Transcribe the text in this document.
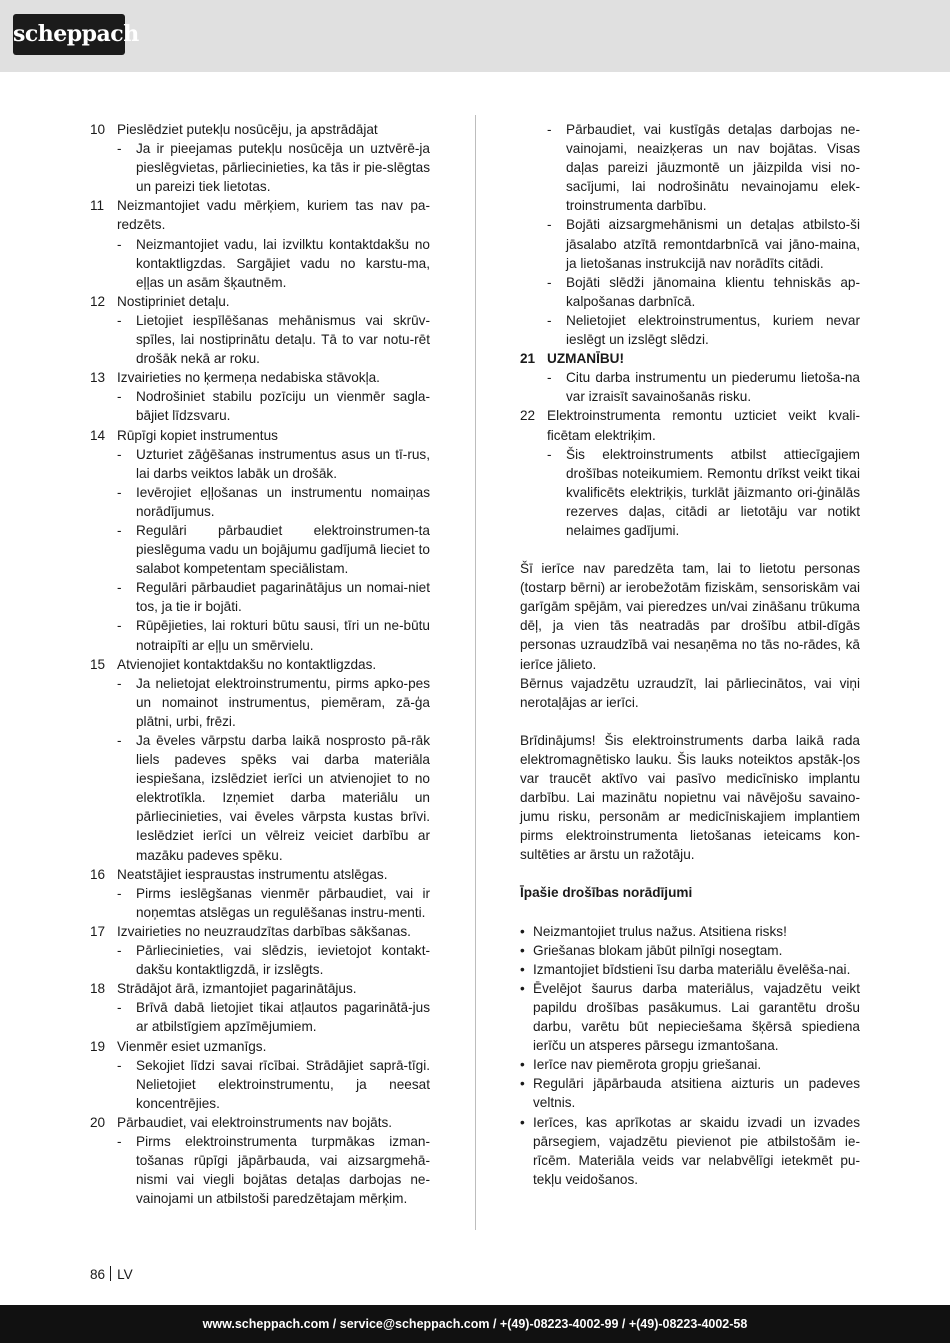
scheppach
10 Pieslēdziet putekļu nosūcēju, ja apstrādājat
-	Ja ir pieejamas putekļu nosūcēja un uztvērē-ja pieslēgvietas, pārliecinieties, ka tās ir pie-slēgtas un pareizi tiek lietotas.
11 Neizmantojiet vadu mērķiem, kuriem tas nav pa-redzēts.
-	Neizmantojiet vadu, lai izvilktu kontaktdakšu no kontaktligzdas. Sargājiet vadu no karstu-ma, eļļas un asām šķautnēm.
12 Nostipriniet detaļu.
-	Lietojiet iespīlēšanas mehānismus vai skrūv-spīles, lai nostiprinātu detaļu. Tā to var notu-rēt drošāk nekā ar roku.
13 Izvairieties no ķermeņa nedabiska stāvokļa.
-	Nodrošiniet stabilu pozīciju un vienmēr sagla-bājiet līdzsvaru.
14 Rūpīgi kopiet instrumentus
-	Uzturiet zāģēšanas instrumentus asus un tī-rus, lai darbs veiktos labāk un drošāk.
-	Ievērojiet eļļošanas un instrumentu nomaiņas norādījumus.
-	Regulāri pārbaudiet elektroinstrumen-ta pieslēguma vadu un bojājumu gadījumā lieciet to salabot kompetentam speciālistam.
-	Regulāri pārbaudiet pagarinātājus un nomai-niet tos, ja tie ir bojāti.
-	Rūpējieties, lai rokturi būtu sausi, tīri un ne-būtu notraipīti ar eļļu un smērvielu.
15 Atvienojiet kontaktdakšu no kontaktligzdas.
-	Ja nelietojat elektroinstrumentu, pirms apko-pes un nomainot instrumentus, piemēram, zā-ģa plātni, urbi, frēzi.
-	Ja ēveles vārpstu darba laikā nosprosto pā-rāk liels padeves spēks vai darba materiāla iespiešana, izslēdziet ierīci un atvienojiet to no elektrotīkla. Izņemiet darba materiālu un pārliecinieties, vai ēveles vārpsta kustas brīvi. Ieslēdziet ierīci un vēlreiz veiciet darbību ar mazāku padeves spēku.
16 Neatstājiet iespraustas instrumentu atslēgas.
-	Pirms ieslēgšanas vienmēr pārbaudiet, vai ir noņemtas atslēgas un regulēšanas instru-menti.
17 Izvairieties no neuzraudzītas darbības sākšanas.
-	Pārliecinieties, vai slēdzis, ievietojot kontakt-dakšu kontaktligzdā, ir izslēgts.
18 Strādājot ārā, izmantojiet pagarinātājus.
-	Brīvā dabā lietojiet tikai atļautos pagarinātā-jus ar atbilstīgiem apzīmējumiem.
19 Vienmēr esiet uzmanīgs.
-	Sekojiet līdzi savai rīcībai. Strādājiet saprā-tīgi. Nelietojiet elektroinstrumentu, ja neesat koncentrējies.
20 Pārbaudiet, vai elektroinstruments nav bojāts.
-	Pirms elektroinstrumenta turpmākas izman-tošanas rūpīgi jāpārbauda, vai aizsargmehā-nismi vai viegli bojātas detaļas darbojas ne-vainojami un atbilstoši paredzētajam mērķim.
-	Pārbaudiet, vai kustīgās detaļas darbojas ne-vainojami, neaizķeras un nav bojātas. Visas daļas pareizi jāuzmontē un jāizpilda visi no-sacījumi, lai nodrošinātu nevainojamu elek-troinstrumenta darbību.
-	Bojāti aizsargmehānismi un detaļas atbilsto-ši jāsalabo atzītā remontdarbnīcā vai jāno-maina, ja lietošanas instrukcijā nav norādīts citādi.
-	Bojāti slēdži jānomaina klientu tehniskās ap-kalpošanas darbnīcā.
-	Nelietojiet elektroinstrumentus, kuriem nevar ieslēgt un izslēgt slēdzi.
21 UZMANĪBU!
-	Citu darba instrumentu un piederumu lietoša-na var izraisīt savainošanās risku.
22 Elektroinstrumenta remontu uzticiet veikt kvali-ficētam elektriķim.
-	Šis elektroinstruments atbilst attiecīgajiem drošības noteikumiem. Remontu drīkst veikt tikai kvalificēts elektriķis, turklāt jāizmanto ori-ģinālās rezerves daļas, citādi ar lietotāju var notikt nelaimes gadījumi.
Šī ierīce nav paredzēta tam, lai to lietotu personas (tostarp bērni) ar ierobežotām fiziskām, sensoriskām vai garīgām spējām, vai pieredzes un/vai zināšanu trūkuma dēļ, ja vien tās neatradās par drošību atbil-dīgās personas uzraudzībā vai nesaņēma no tās no-rādes, kā ierīce jālieto.
Bērnus vajadzētu uzraudzīt, lai pārliecinātos, vai viņi nerotaļājas ar ierīci.
Brīdinājums! Šis elektroinstruments darba laikā rada elektromagnētisko lauku. Šis lauks noteiktos apstāk-ļos var traucēt aktīvo vai pasīvo medicīnisko implantu darbību. Lai mazinātu nopietnu vai nāvējošu savaino-jumu risku, personām ar medicīniskajiem implantiem pirms elektroinstrumenta lietošanas ieteicams kon-sultēties ar ārstu un ražotāju.
Īpašie drošības norādījumi
• Neizmantojiet trulus nažus. Atsitiena risks!
• Griešanas blokam jābūt pilnīgi nosegtam.
• Izmantojiet bīdstieni īsu darba materiālu ēvelēša-nai.
• Ēvelējot šaurus darba materiālus, vajadzētu veikt papildu drošības pasākumus. Lai garantētu drošu darbu, varētu būt nepieciešama šķērsā spiediena ierīču un atsperes pārsegu izmantošana.
• Ierīce nav piemērota gropju griešanai.
• Regulāri jāpārbauda atsitiena aizturis un padeves veltnis.
• Ierīces, kas aprīkotas ar skaidu izvadi un izvades pārsegiem, vajadzētu pievienot pie atbilstošām ie-rīcēm. Materiāla veids var nelabvēlīgi ietekmēt pu-tekļu veidošanos.
86 LV
www.scheppach.com / service@scheppach.com / +(49)-08223-4002-99 / +(49)-08223-4002-58
